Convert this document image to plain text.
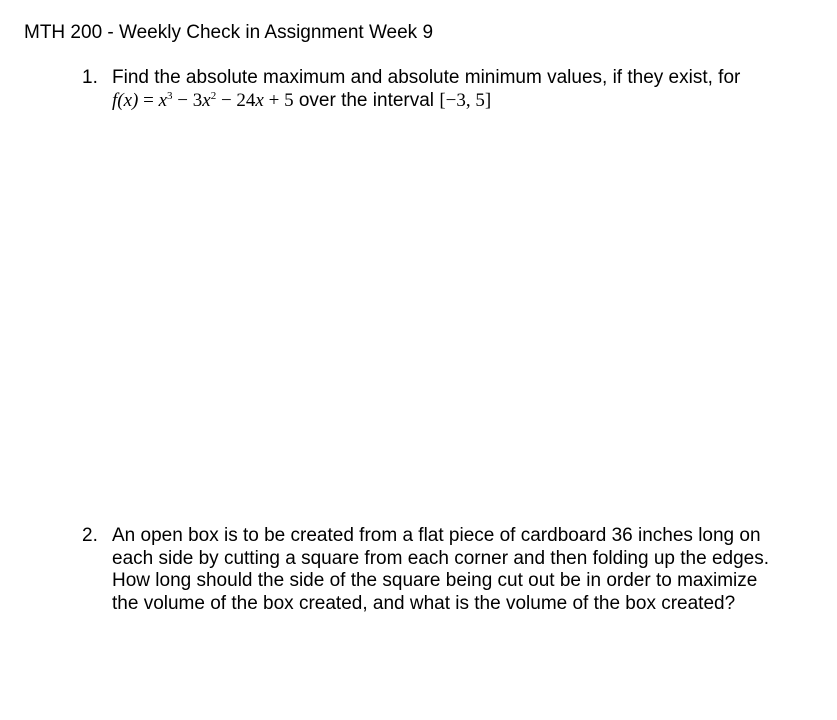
MTH 200 - Weekly Check in Assignment Week 9
1. Find the absolute maximum and absolute minimum values, if they exist, for $f(x) = x^3 - 3x^2 - 24x + 5$ over the interval [−3, 5]
2. An open box is to be created from a flat piece of cardboard 36 inches long on each side by cutting a square from each corner and then folding up the edges. How long should the side of the square being cut out be in order to maximize the volume of the box created, and what is the volume of the box created?
